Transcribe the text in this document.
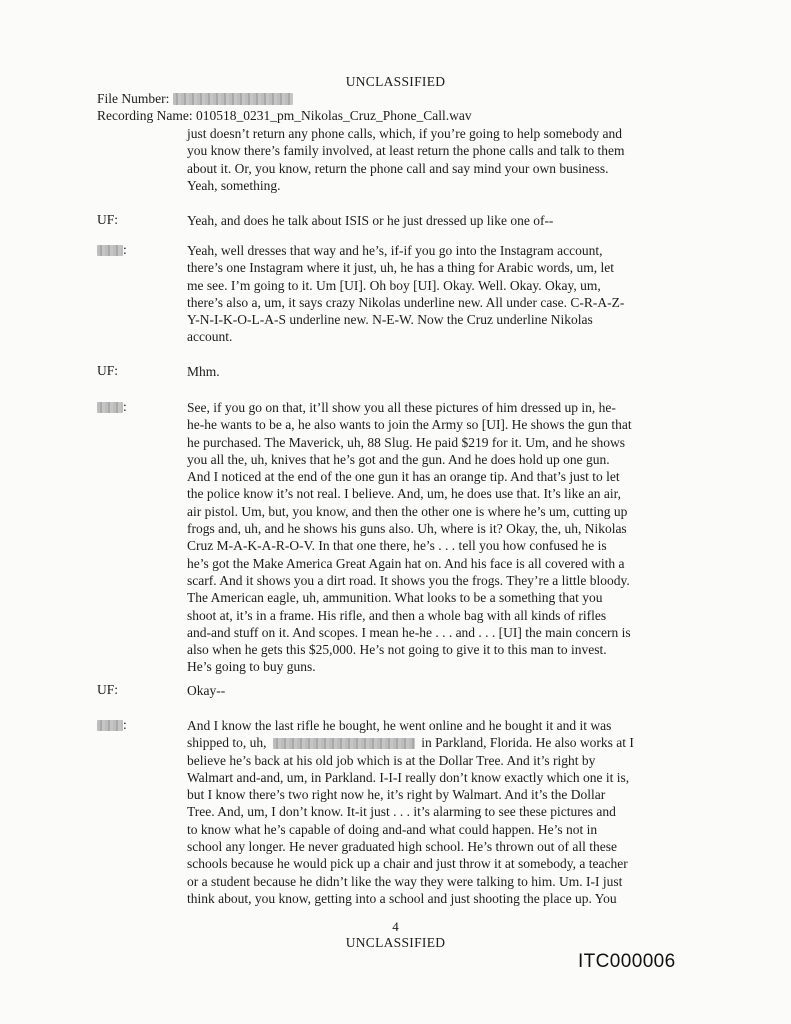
UNCLASSIFIED
File Number:
Recording Name: 010518_0231_pm_Nikolas_Cruz_Phone_Call.wav
just doesn’t return any phone calls, which, if you’re going to help somebody and
you know there’s family involved, at least return the phone calls and talk to them
about it. Or, you know, return the phone call and say mind your own business.
Yeah, something.
UF:	Yeah, and does he talk about ISIS or he just dressed up like one of--
:	Yeah, well dresses that way and he’s, if-if you go into the Instagram account,
there’s one Instagram where it just, uh, he has a thing for Arabic words, um, let
me see. I’m going to it. Um [UI]. Oh boy [UI]. Okay. Well. Okay. Okay, um,
there’s also a, um, it says crazy Nikolas underline new. All under case. C-R-A-Z-
Y-N-I-K-O-L-A-S underline new. N-E-W. Now the Cruz underline Nikolas
account.
UF:	Mhm.
:	See, if you go on that, it’ll show you all these pictures of him dressed up in, he-
he-he wants to be a, he also wants to join the Army so [UI]. He shows the gun that
he purchased. The Maverick, uh, 88 Slug. He paid $219 for it. Um, and he shows
you all the, uh, knives that he’s got and the gun. And he does hold up one gun.
And I noticed at the end of the one gun it has an orange tip. And that’s just to let
the police know it’s not real. I believe. And, um, he does use that. It’s like an air,
air pistol. Um, but, you know, and then the other one is where he’s um, cutting up
frogs and, uh, and he shows his guns also. Uh, where is it? Okay, the, uh, Nikolas
Cruz M-A-K-A-R-O-V. In that one there, he’s . . . tell you how confused he is
he’s got the Make America Great Again hat on. And his face is all covered with a
scarf. And it shows you a dirt road. It shows you the frogs. They’re a little bloody.
The American eagle, uh, ammunition. What looks to be a something that you
shoot at, it’s in a frame. His rifle, and then a whole bag with all kinds of rifles
and-and stuff on it. And scopes. I mean he-he . . . and . . . [UI] the main concern is
also when he gets this $25,000. He’s not going to give it to this man to invest.
He’s going to buy guns.
UF:	Okay--
:	And I know the last rifle he bought, he went online and he bought it and it was
shipped to, uh,	in Parkland, Florida. He also works at I
believe he’s back at his old job which is at the Dollar Tree. And it’s right by
Walmart and-and, um, in Parkland. I-I-I really don’t know exactly which one it is,
but I know there’s two right now he, it’s right by Walmart. And it’s the Dollar
Tree. And, um, I don’t know. It-it just . . . it’s alarming to see these pictures and
to know what he’s capable of doing and-and what could happen. He’s not in
school any longer. He never graduated high school. He’s thrown out of all these
schools because he would pick up a chair and just throw it at somebody, a teacher
or a student because he didn’t like the way they were talking to him. Um. I-I just
think about, you know, getting into a school and just shooting the place up. You
4
UNCLASSIFIED
ITC000006
